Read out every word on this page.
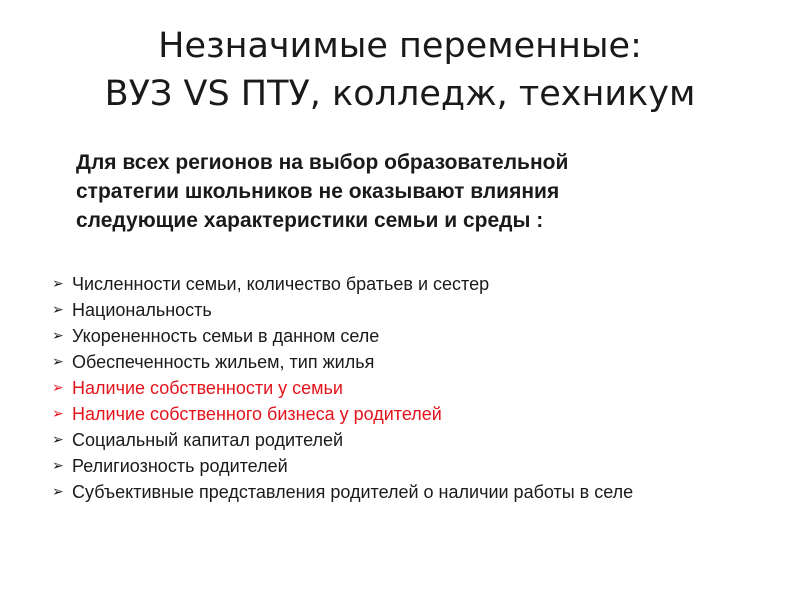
Незначимые переменные:
ВУЗ VS ПТУ, колледж, техникум
Для всех регионов на выбор образовательной
стратегии школьников не оказывают влияния
следующие характеристики семьи и среды :
➢ Численности семьи, количество братьев и сестер
➢ Национальность
➢ Укорененность семьи в данном селе
➢ Обеспеченность жильем, тип жилья
➢ Наличие собственности у семьи
➢ Наличие собственного бизнеса у родителей
➢ Социальный капитал родителей
➢ Религиозность родителей
➢ Субъективные представления родителей о наличии работы в селе
